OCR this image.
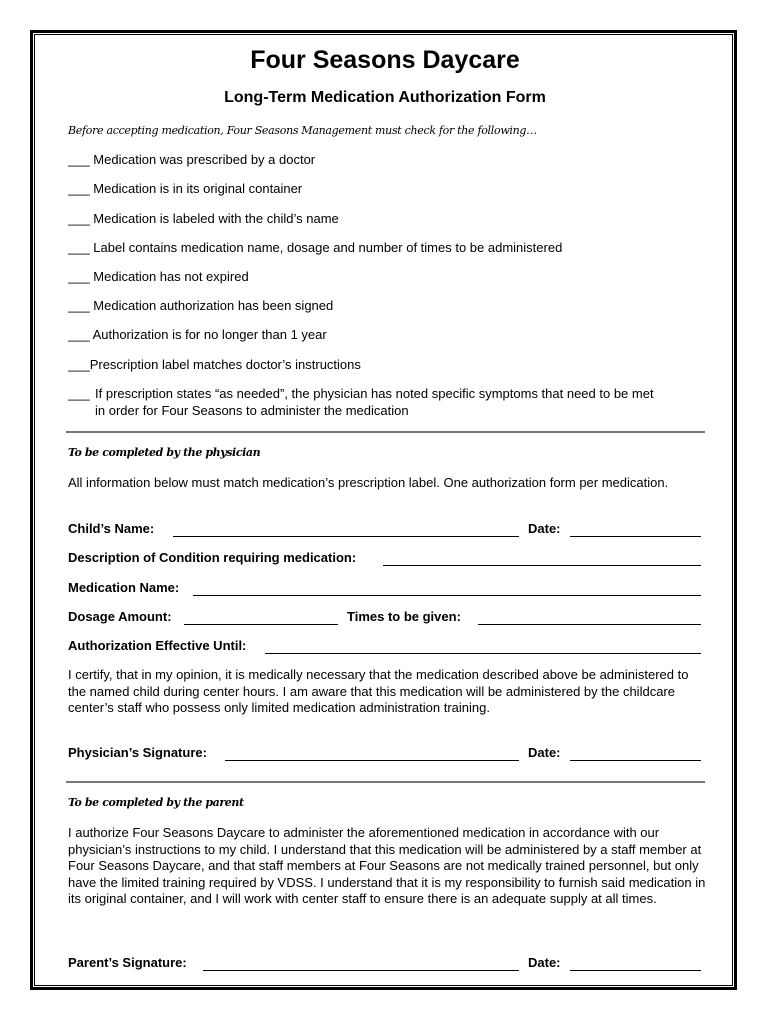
Four Seasons Daycare
Long-Term Medication Authorization Form
Before accepting medication, Four Seasons Management must check for the following…
___ Medication was prescribed by a doctor
___ Medication is in its original container
___ Medication is labeled with the child’s name
___ Label contains medication name, dosage and number of times to be administered
___ Medication has not expired
___ Medication authorization has been signed
___ Authorization is for no longer than 1 year
___Prescription label matches doctor’s instructions
___ If prescription states “as needed”, the physician has noted specific symptoms that need to be met
in order for Four Seasons to administer the medication
To be completed by the physician
All information below must match medication’s prescription label. One authorization form per medication.
Child’s Name:	Date:
Description of Condition requiring medication:
Medication Name:
Dosage Amount:	Times to be given:
Authorization Effective Until:
I certify, that in my opinion, it is medically necessary that the medication described above be administered to the named child during center hours. I am aware that this medication will be administered by the childcare center’s staff who possess only limited medication administration training.
Physician’s Signature:	Date:
To be completed by the parent
I authorize Four Seasons Daycare to administer the aforementioned medication in accordance with our physician’s instructions to my child. I understand that this medication will be administered by a staff member at Four Seasons Daycare, and that staff members at Four Seasons are not medically trained personnel, but only have the limited training required by VDSS. I understand that it is my responsibility to furnish said medication in its original container, and I will work with center staff to ensure there is an adequate supply at all times.
Parent’s Signature:	Date:
